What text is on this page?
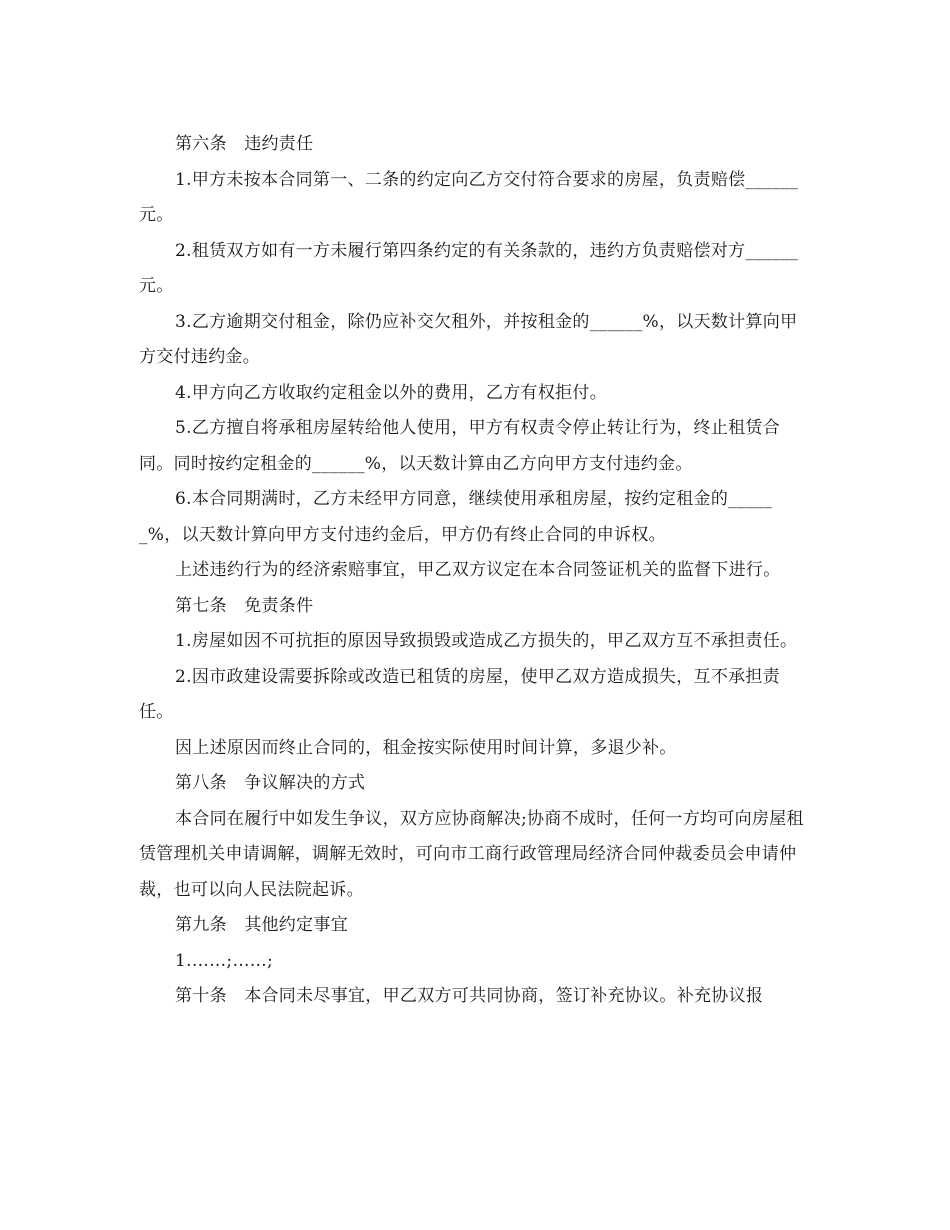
第六条　违约责任

1.甲方未按本合同第一、二条的约定向乙方交付符合要求的房屋，负责赔偿______元。

2.租赁双方如有一方未履行第四条约定的有关条款的，违约方负责赔偿对方______元。

3.乙方逾期交付租金，除仍应补交欠租外，并按租金的______%，以天数计算向甲方交付违约金。

4.甲方向乙方收取约定租金以外的费用，乙方有权拒付。

5.乙方擅自将承租房屋转给他人使用，甲方有权责令停止转让行为，终止租赁合同。同时按约定租金的______%，以天数计算由乙方向甲方支付违约金。

6.本合同期满时，乙方未经甲方同意，继续使用承租房屋，按约定租金的______%，以天数计算向甲方支付违约金后，甲方仍有终止合同的申诉权。

上述违约行为的经济索赔事宜，甲乙双方议定在本合同签证机关的监督下进行。

第七条　免责条件

1.房屋如因不可抗拒的原因导致损毁或造成乙方损失的，甲乙双方互不承担责任。

2.因市政建设需要拆除或改造已租赁的房屋，使甲乙双方造成损失，互不承担责任。

因上述原因而终止合同的，租金按实际使用时间计算，多退少补。

第八条　争议解决的方式

本合同在履行中如发生争议，双方应协商解决;协商不成时，任何一方均可向房屋租赁管理机关申请调解，调解无效时，可向市工商行政管理局经济合同仲裁委员会申请仲裁，也可以向人民法院起诉。

第九条　其他约定事宜

1.……;……;

第十条　本合同未尽事宜，甲乙双方可共同协商，签订补充协议。补充协议报
